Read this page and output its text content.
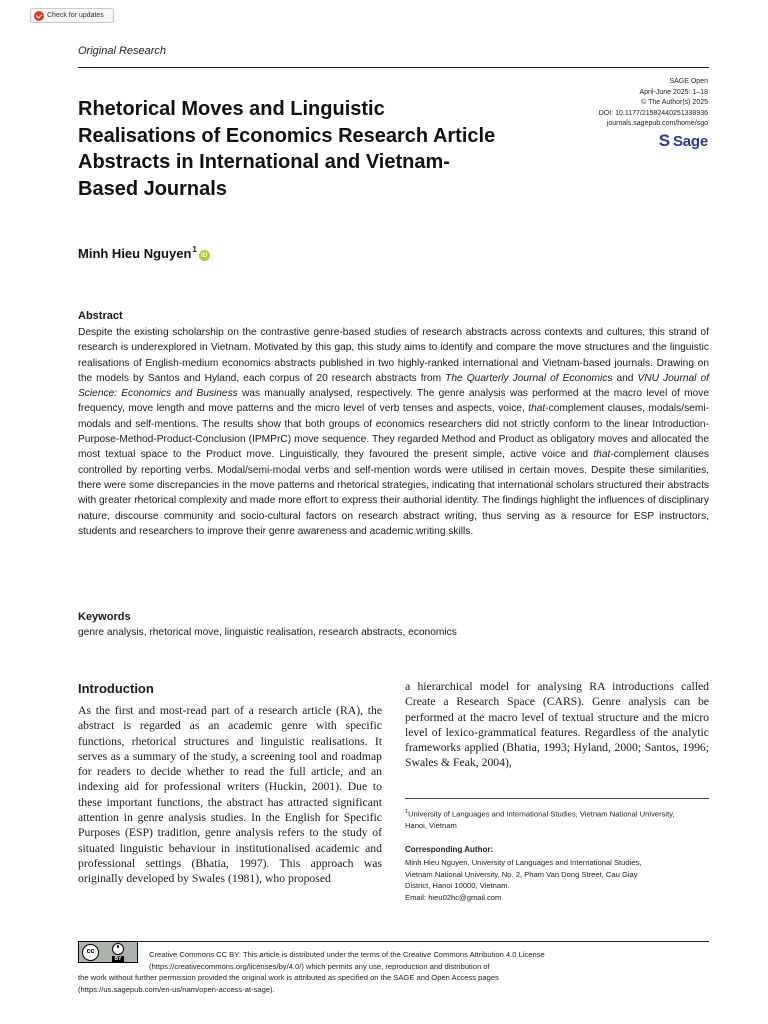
Check for updates
Original Research
SAGE Open
April-June 2025: 1–18
© The Author(s) 2025
DOI: 10.1177/21582440251338936
journals.sagepub.com/home/sgo
S Sage
Rhetorical Moves and Linguistic Realisations of Economics Research Article Abstracts in International and Vietnam-Based Journals
Minh Hieu Nguyen$^1$
iD
Abstract

Despite the existing scholarship on the contrastive genre-based studies of research abstracts across contexts and cultures, this strand of research is underexplored in Vietnam. Motivated by this gap, this study aims to identify and compare the move structures and the linguistic realisations of English-medium economics abstracts published in two highly-ranked international and Vietnam-based journals. Drawing on the models by Santos and Hyland, each corpus of 20 research abstracts from The Quarterly Journal of Economics and VNU Journal of Science: Economics and Business was manually analysed, respectively. The genre analysis was performed at the macro level of move frequency, move length and move patterns and the micro level of verb tenses and aspects, voice, that-complement clauses, modals/semi-modals and self-mentions. The results show that both groups of economics researchers did not strictly conform to the linear Introduction-Purpose-Method-Product-Conclusion (IPMPrC) move sequence. They regarded Method and Product as obligatory moves and allocated the most textual space to the Product move. Linguistically, they favoured the present simple, active voice and that-complement clauses controlled by reporting verbs. Modal/semi-modal verbs and self-mention words were utilised in certain moves. Despite these similarities, there were some discrepancies in the move patterns and rhetorical strategies, indicating that international scholars structured their abstracts with greater rhetorical complexity and made more effort to express their authorial identity. The findings highlight the influences of disciplinary nature, discourse community and socio-cultural factors on research abstract writing, thus serving as a resource for ESP instructors, students and researchers to improve their genre awareness and academic writing skills.

Keywords
genre analysis, rhetorical move, linguistic realisation, research abstracts, economics
Introduction

As the first and most-read part of a research article (RA), the abstract is regarded as an academic genre with specific functions, rhetorical structures and linguistic realisations. It serves as a summary of the study, a screening tool and roadmap for readers to decide whether to read the full article, and an indexing aid for professional writers (Huckin, 2001). Due to these important functions, the abstract has attracted significant attention in genre analysis studies. In the English for Specific Purposes (ESP) tradition, genre analysis refers to the study of situated linguistic behaviour in institutionalised academic and professional settings (Bhatia, 1997). This approach was originally developed by Swales (1981), who proposed

a hierarchical model for analysing RA introductions called Create a Research Space (CARS). Genre analysis can be performed at the macro level of textual structure and the micro level of lexico-grammatical features. Regardless of the analytic frameworks applied (Bhatia, 1993; Hyland, 2000; Santos, 1996; Swales & Feak, 2004),

$^1$University of Languages and International Studies, Vietnam National University, Hanoi, Vietnam
Corresponding Author:
Minh Hieu Nguyen, University of Languages and International Studies,
Vietnam National University, No. 2, Pham Van Dong Street, Cau Giay
District, Hanoi 10000, Vietnam.
Email: hieu02hc@gmail.com
cc
BY	Creative Commons CC BY: This article is distributed under the terms of the Creative Commons Attribution 4.0 License
(https://creativecommons.org/licenses/by/4.0/) which permits any use, reproduction and distribution of
the work without further permission provided the original work is attributed as specified on the SAGE and Open Access pages
(https://us.sagepub.com/en-us/nam/open-access-at-sage).
